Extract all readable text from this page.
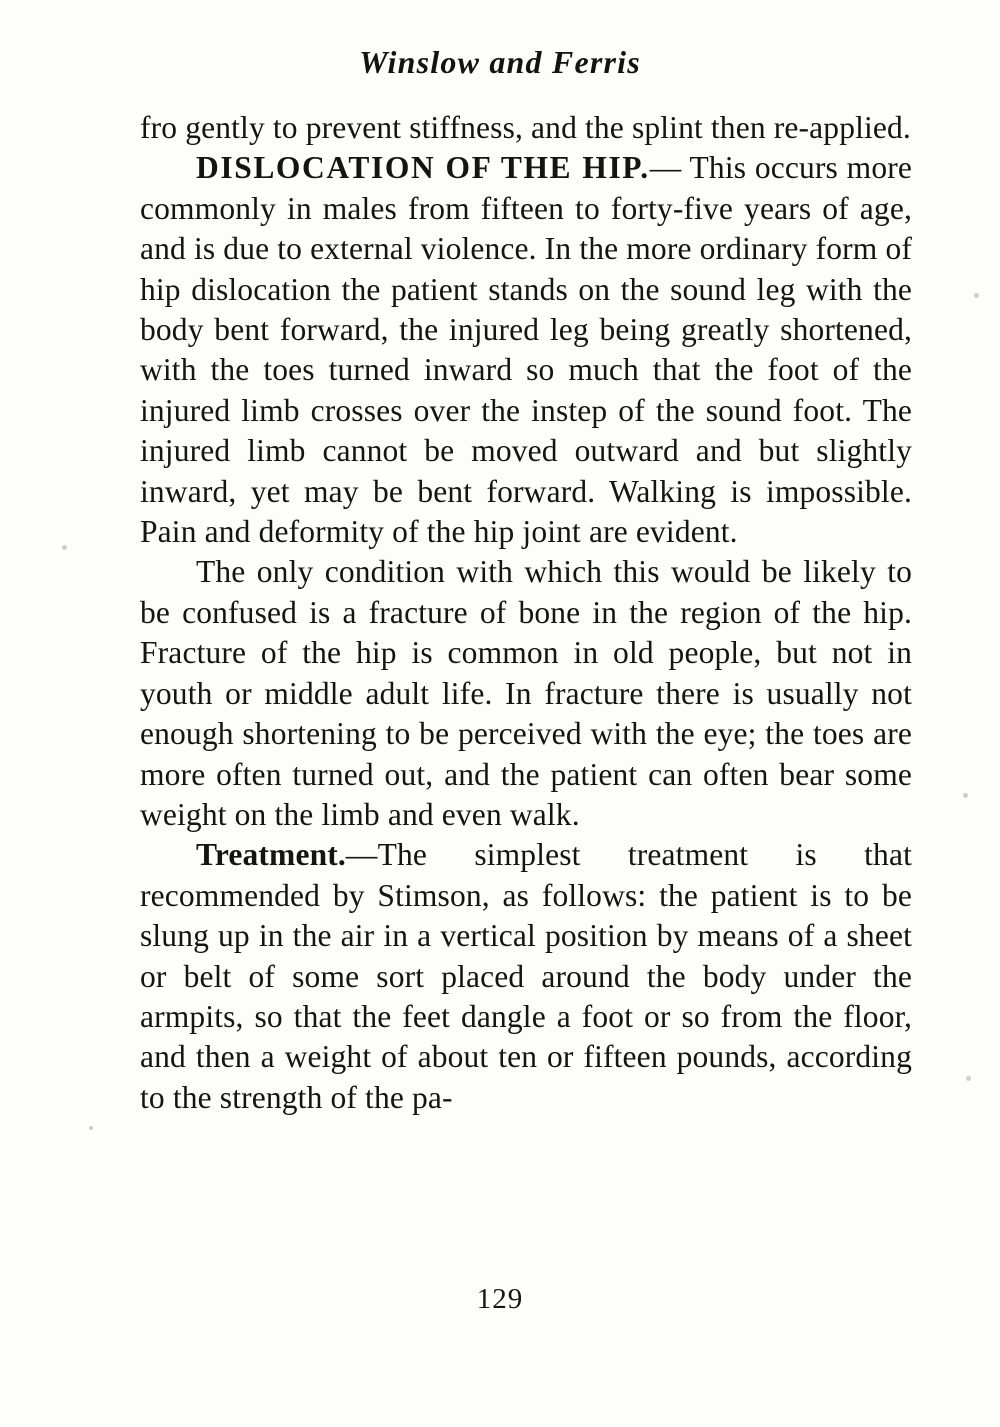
Winslow and Ferris

fro gently to prevent stiffness, and the splint then re-applied.

DISLOCATION OF THE HIP.— This occurs more commonly in males from fifteen to forty-five years of age, and is due to external violence. In the more ordinary form of hip dislocation the patient stands on the sound leg with the body bent forward, the injured leg being greatly shortened, with the toes turned inward so much that the foot of the injured limb crosses over the instep of the sound foot. The injured limb cannot be moved outward and but slightly inward, yet may be bent forward. Walking is impossible. Pain and deformity of the hip joint are evident.

The only condition with which this would be likely to be confused is a fracture of bone in the region of the hip. Fracture of the hip is common in old people, but not in youth or middle adult life. In fracture there is usually not enough shortening to be perceived with the eye; the toes are more often turned out, and the patient can often bear some weight on the limb and even walk.

Treatment.—The simplest treatment is that recommended by Stimson, as follows: the patient is to be slung up in the air in a vertical position by means of a sheet or belt of some sort placed around the body under the armpits, so that the feet dangle a foot or so from the floor, and then a weight of about ten or fifteen pounds, according to the strength of the pa-

129
